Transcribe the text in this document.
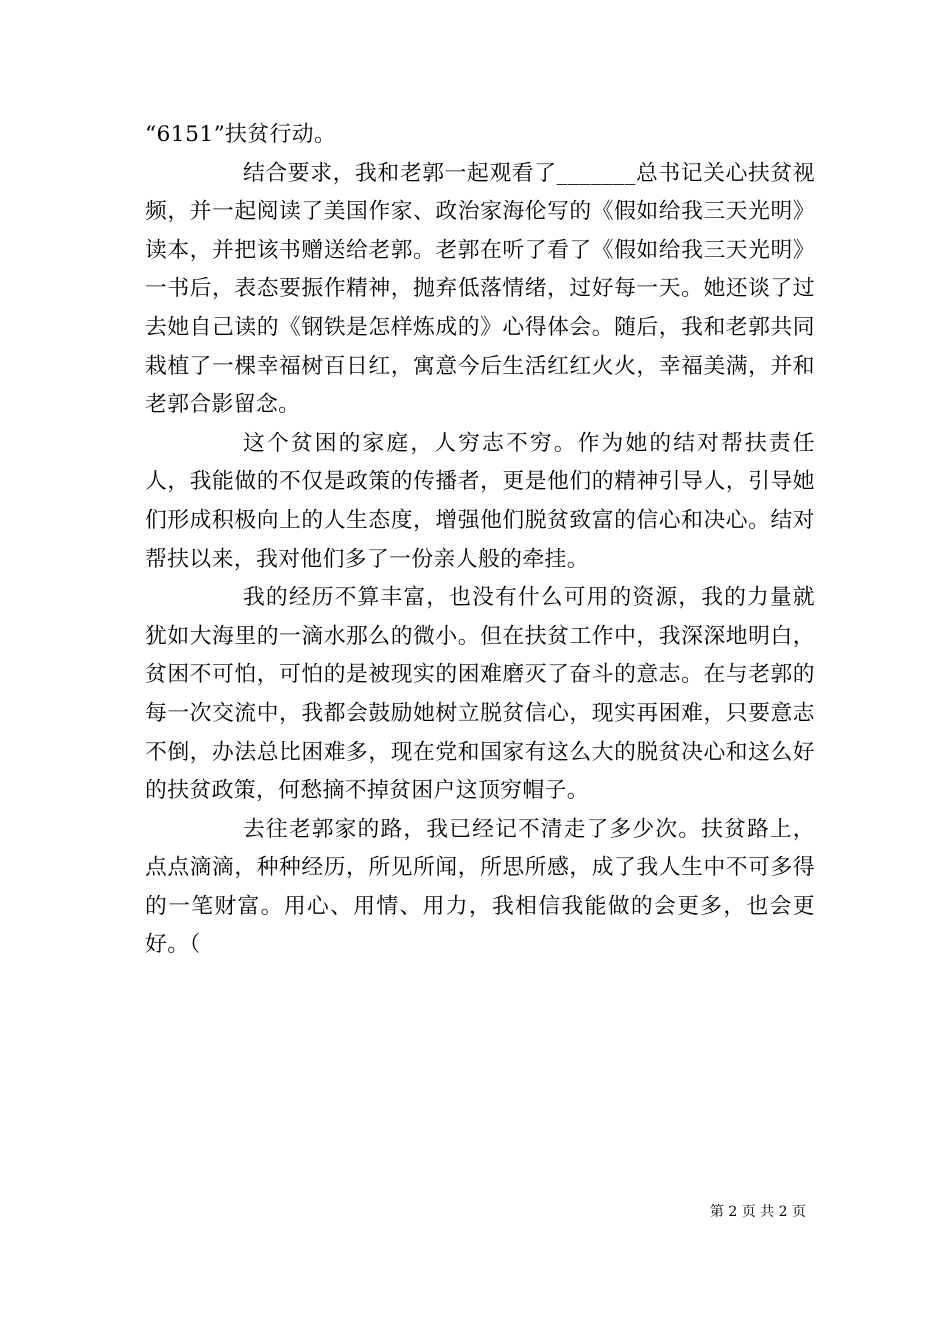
“6151”扶贫行动。

结合要求，我和老郭一起观看了_______总书记关心扶贫视频，并一起阅读了美国作家、政治家海伦写的《假如给我三天光明》读本，并把该书赠送给老郭。老郭在听了看了《假如给我三天光明》一书后，表态要振作精神，抛弃低落情绪，过好每一天。她还谈了过去她自己读的《钢铁是怎样炼成的》心得体会。随后，我和老郭共同栽植了一棵幸福树百日红，寓意今后生活红红火火，幸福美满，并和老郭合影留念。

这个贫困的家庭，人穷志不穷。作为她的结对帮扶责任人，我能做的不仅是政策的传播者，更是他们的精神引导人，引导她们形成积极向上的人生态度，增强他们脱贫致富的信心和决心。结对帮扶以来，我对他们多了一份亲人般的牵挂。

我的经历不算丰富，也没有什么可用的资源，我的力量就犹如大海里的一滴水那么的微小。但在扶贫工作中，我深深地明白，贫困不可怕，可怕的是被现实的困难磨灭了奋斗的意志。在与老郭的每一次交流中，我都会鼓励她树立脱贫信心，现实再困难，只要意志不倒，办法总比困难多，现在党和国家有这么大的脱贫决心和这么好的扶贫政策，何愁摘不掉贫困户这顶穷帽子。

去往老郭家的路，我已经记不清走了多少次。扶贫路上，点点滴滴，种种经历，所见所闻，所思所感，成了我人生中不可多得的一笔财富。用心、用情、用力，我相信我能做的会更多，也会更好。（

第 2 页 共 2 页
